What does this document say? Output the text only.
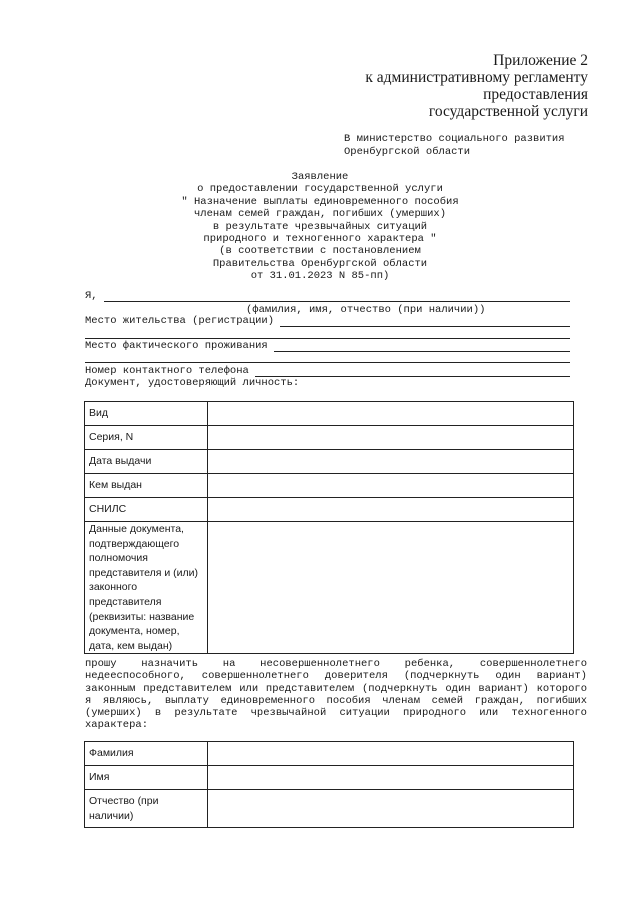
Приложение 2
к административному регламенту
предоставления
государственной услуги
В министерство социального развития
Оренбургской области
Заявление
о предоставлении государственной услуги
" Назначение выплаты единовременного пособия
членам семей граждан, погибших (умерших)
в результате чрезвычайных ситуаций
природного и техногенного характера "
(в соответствии с постановлением
Правительства Оренбургской области
от 31.01.2023 N 85-пп)
Я,
(фамилия, имя, отчество (при наличии))
Место жительства (регистрации)
Место фактического проживания
Номер контактного телефона
Документ, удостоверяющий личность:
Вид	
Серия, N	
Дата выдачи	
Кем выдан	
СНИЛС	
Данные документа, подтверждающего полномочия представителя и (или) законного представителя (реквизиты: название документа, номер, дата, кем выдан)	
прошу назначить на несовершеннолетнего ребенка, совершеннолетнего недееспособного, совершеннолетнего доверителя (подчеркнуть один вариант) законным представителем или представителем (подчеркнуть один вариант) которого я являюсь, выплату единовременного пособия членам семей граждан, погибших (умерших) в результате чрезвычайной ситуации природного или техногенного характера:
Фамилия	
Имя	
Отчество (при наличии)	
